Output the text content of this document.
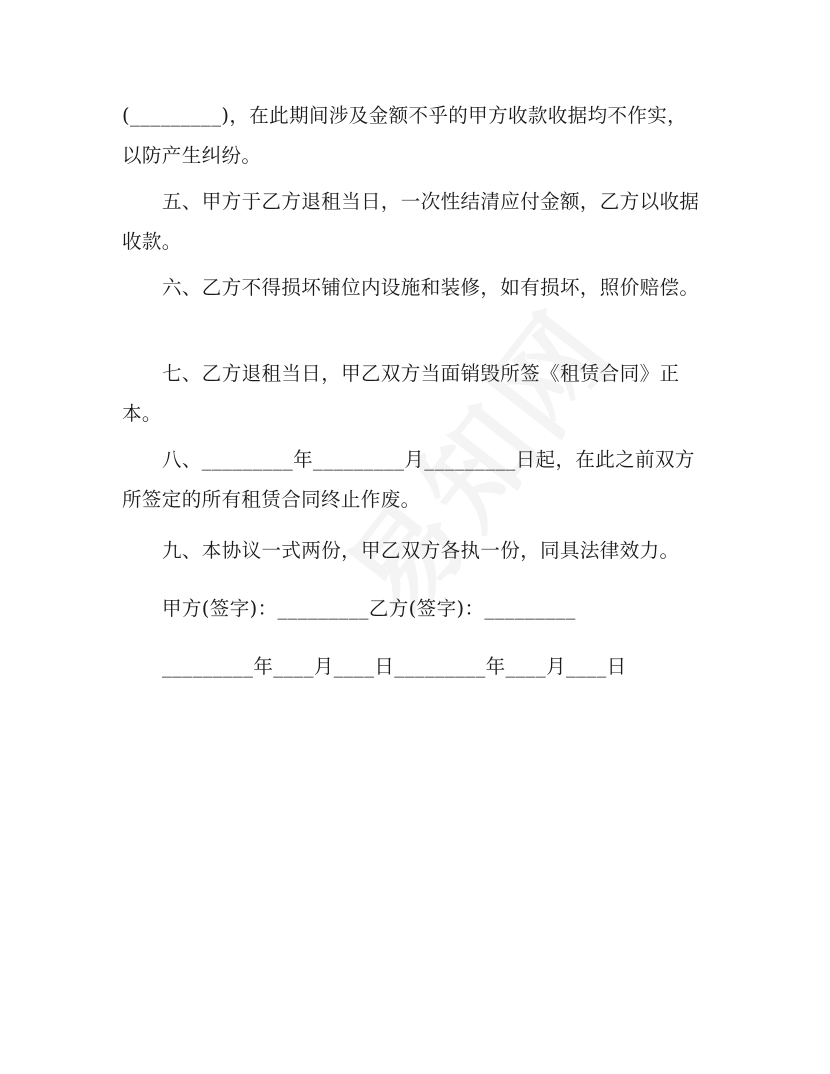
(_________)，在此期间涉及金额不乎的甲方收款收据均不作实，以防产生纠纷。

五、甲方于乙方退租当日，一次性结清应付金额，乙方以收据收款。

六、乙方不得损坏铺位内设施和装修，如有损坏，照价赔偿。

七、乙方退租当日，甲乙双方当面销毁所签《租赁合同》正本。

八、_________年_________月_________日起，在此之前双方所签定的所有租赁合同终止作废。

九、本协议一式两份，甲乙双方各执一份，同具法律效力。

甲方(签字)：_________乙方(签字)：_________

_________年____月____日_________年____月____日
